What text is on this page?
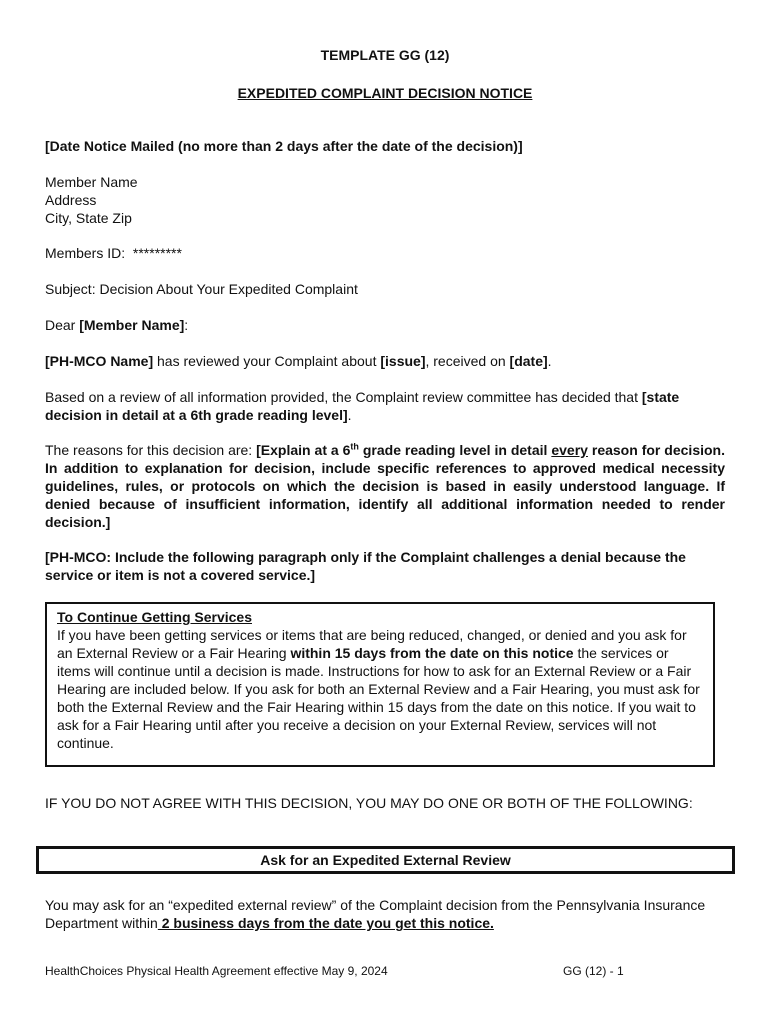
TEMPLATE GG (12)
EXPEDITED COMPLAINT DECISION NOTICE
[Date Notice Mailed (no more than 2 days after the date of the decision)]
Member Name
Address
City, State Zip
Members ID: *********
Subject: Decision About Your Expedited Complaint
Dear [Member Name]:
[PH-MCO Name] has reviewed your Complaint about [issue], received on [date].
Based on a review of all information provided, the Complaint review committee has decided that [state decision in detail at a 6th grade reading level].
The reasons for this decision are: [Explain at a 6th grade reading level in detail every reason for decision. In addition to explanation for decision, include specific references to approved medical necessity guidelines, rules, or protocols on which the decision is based in easily understood language. If denied because of insufficient information, identify all additional information needed to render decision.]
[PH-MCO: Include the following paragraph only if the Complaint challenges a denial because the service or item is not a covered service.]
To Continue Getting Services
If you have been getting services or items that are being reduced, changed, or denied and you ask for an External Review or a Fair Hearing within 15 days from the date on this notice the services or items will continue until a decision is made. Instructions for how to ask for an External Review or a Fair Hearing are included below. If you ask for both an External Review and a Fair Hearing, you must ask for both the External Review and the Fair Hearing within 15 days from the date on this notice. If you wait to ask for a Fair Hearing until after you receive a decision on your External Review, services will not continue.
IF YOU DO NOT AGREE WITH THIS DECISION, YOU MAY DO ONE OR BOTH OF THE FOLLOWING:
Ask for an Expedited External Review
You may ask for an “expedited external review” of the Complaint decision from the Pennsylvania Insurance Department within 2 business days from the date you get this notice.
HealthChoices Physical Health Agreement effective May 9, 2024	GG (12) - 1
